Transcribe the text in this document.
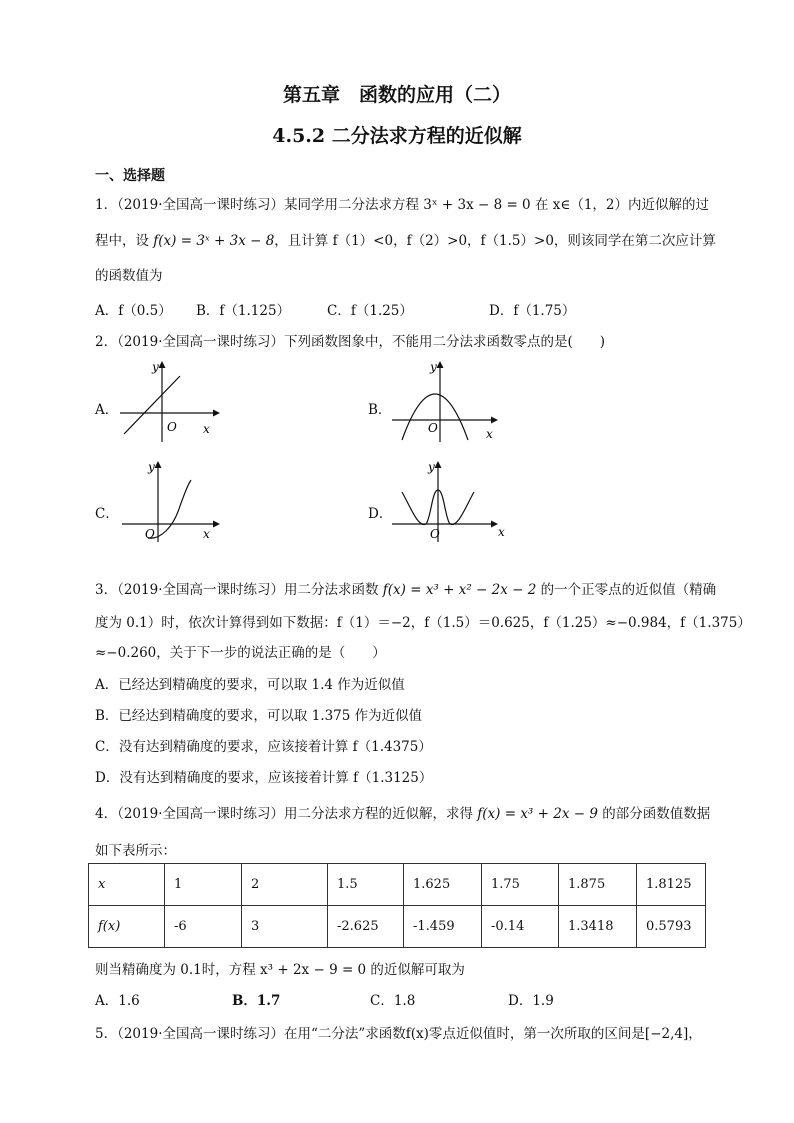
第五章　函数的应用（二）
4.5.2 二分法求方程的近似解
一、选择题
1．（2019·全国高一课时练习）某同学用二分法求方程 3ˣ + 3x − 8 = 0 在 x∈（1，2）内近似解的过
程中，设 f(x) = 3ˣ + 3x − 8，且计算 f（1）<0，f（2）>0，f（1.5）>0，则该同学在第二次应计算
的函数值为
A．f（0.5） B．f（1.125）	C．f（1.25）	D．f（1.75）
2．（2019·全国高一课时练习）下列函数图象中，不能用二分法求函数零点的是(　　)
A．
y
x
O
B．
y
x
O
C．
y
x
O
D．
y
x
O
3．（2019·全国高一课时练习）用二分法求函数 f(x) = x³ + x² − 2x − 2 的一个正零点的近似值（精确
度为 0.1）时，依次计算得到如下数据：f（1）＝−2，f（1.5）＝0.625，f（1.25）≈−0.984，f（1.375）
≈−0.260，关于下一步的说法正确的是（　　）
A．已经达到精确度的要求，可以取 1.4 作为近似值
B．已经达到精确度的要求，可以取 1.375 作为近似值
C．没有达到精确度的要求，应该接着计算 f（1.4375）
D．没有达到精确度的要求，应该接着计算 f（1.3125）
4．（2019·全国高一课时练习）用二分法求方程的近似解，求得 f(x) = x³ + 2x − 9 的部分函数值数据
如下表所示：
x	1	2	1.5	1.625	1.75	1.875	1.8125
f(x)	-6	3	-2.625	-1.459	-0.14	1.3418	0.5793
则当精确度为 0.1时，方程 x³ + 2x − 9 = 0 的近似解可取为
A．1.6	B．1.7	C．1.8	D．1.9
5．（2019·全国高一课时练习）在用“二分法”求函数f(x)零点近似值时，第一次所取的区间是[−2,4]，
